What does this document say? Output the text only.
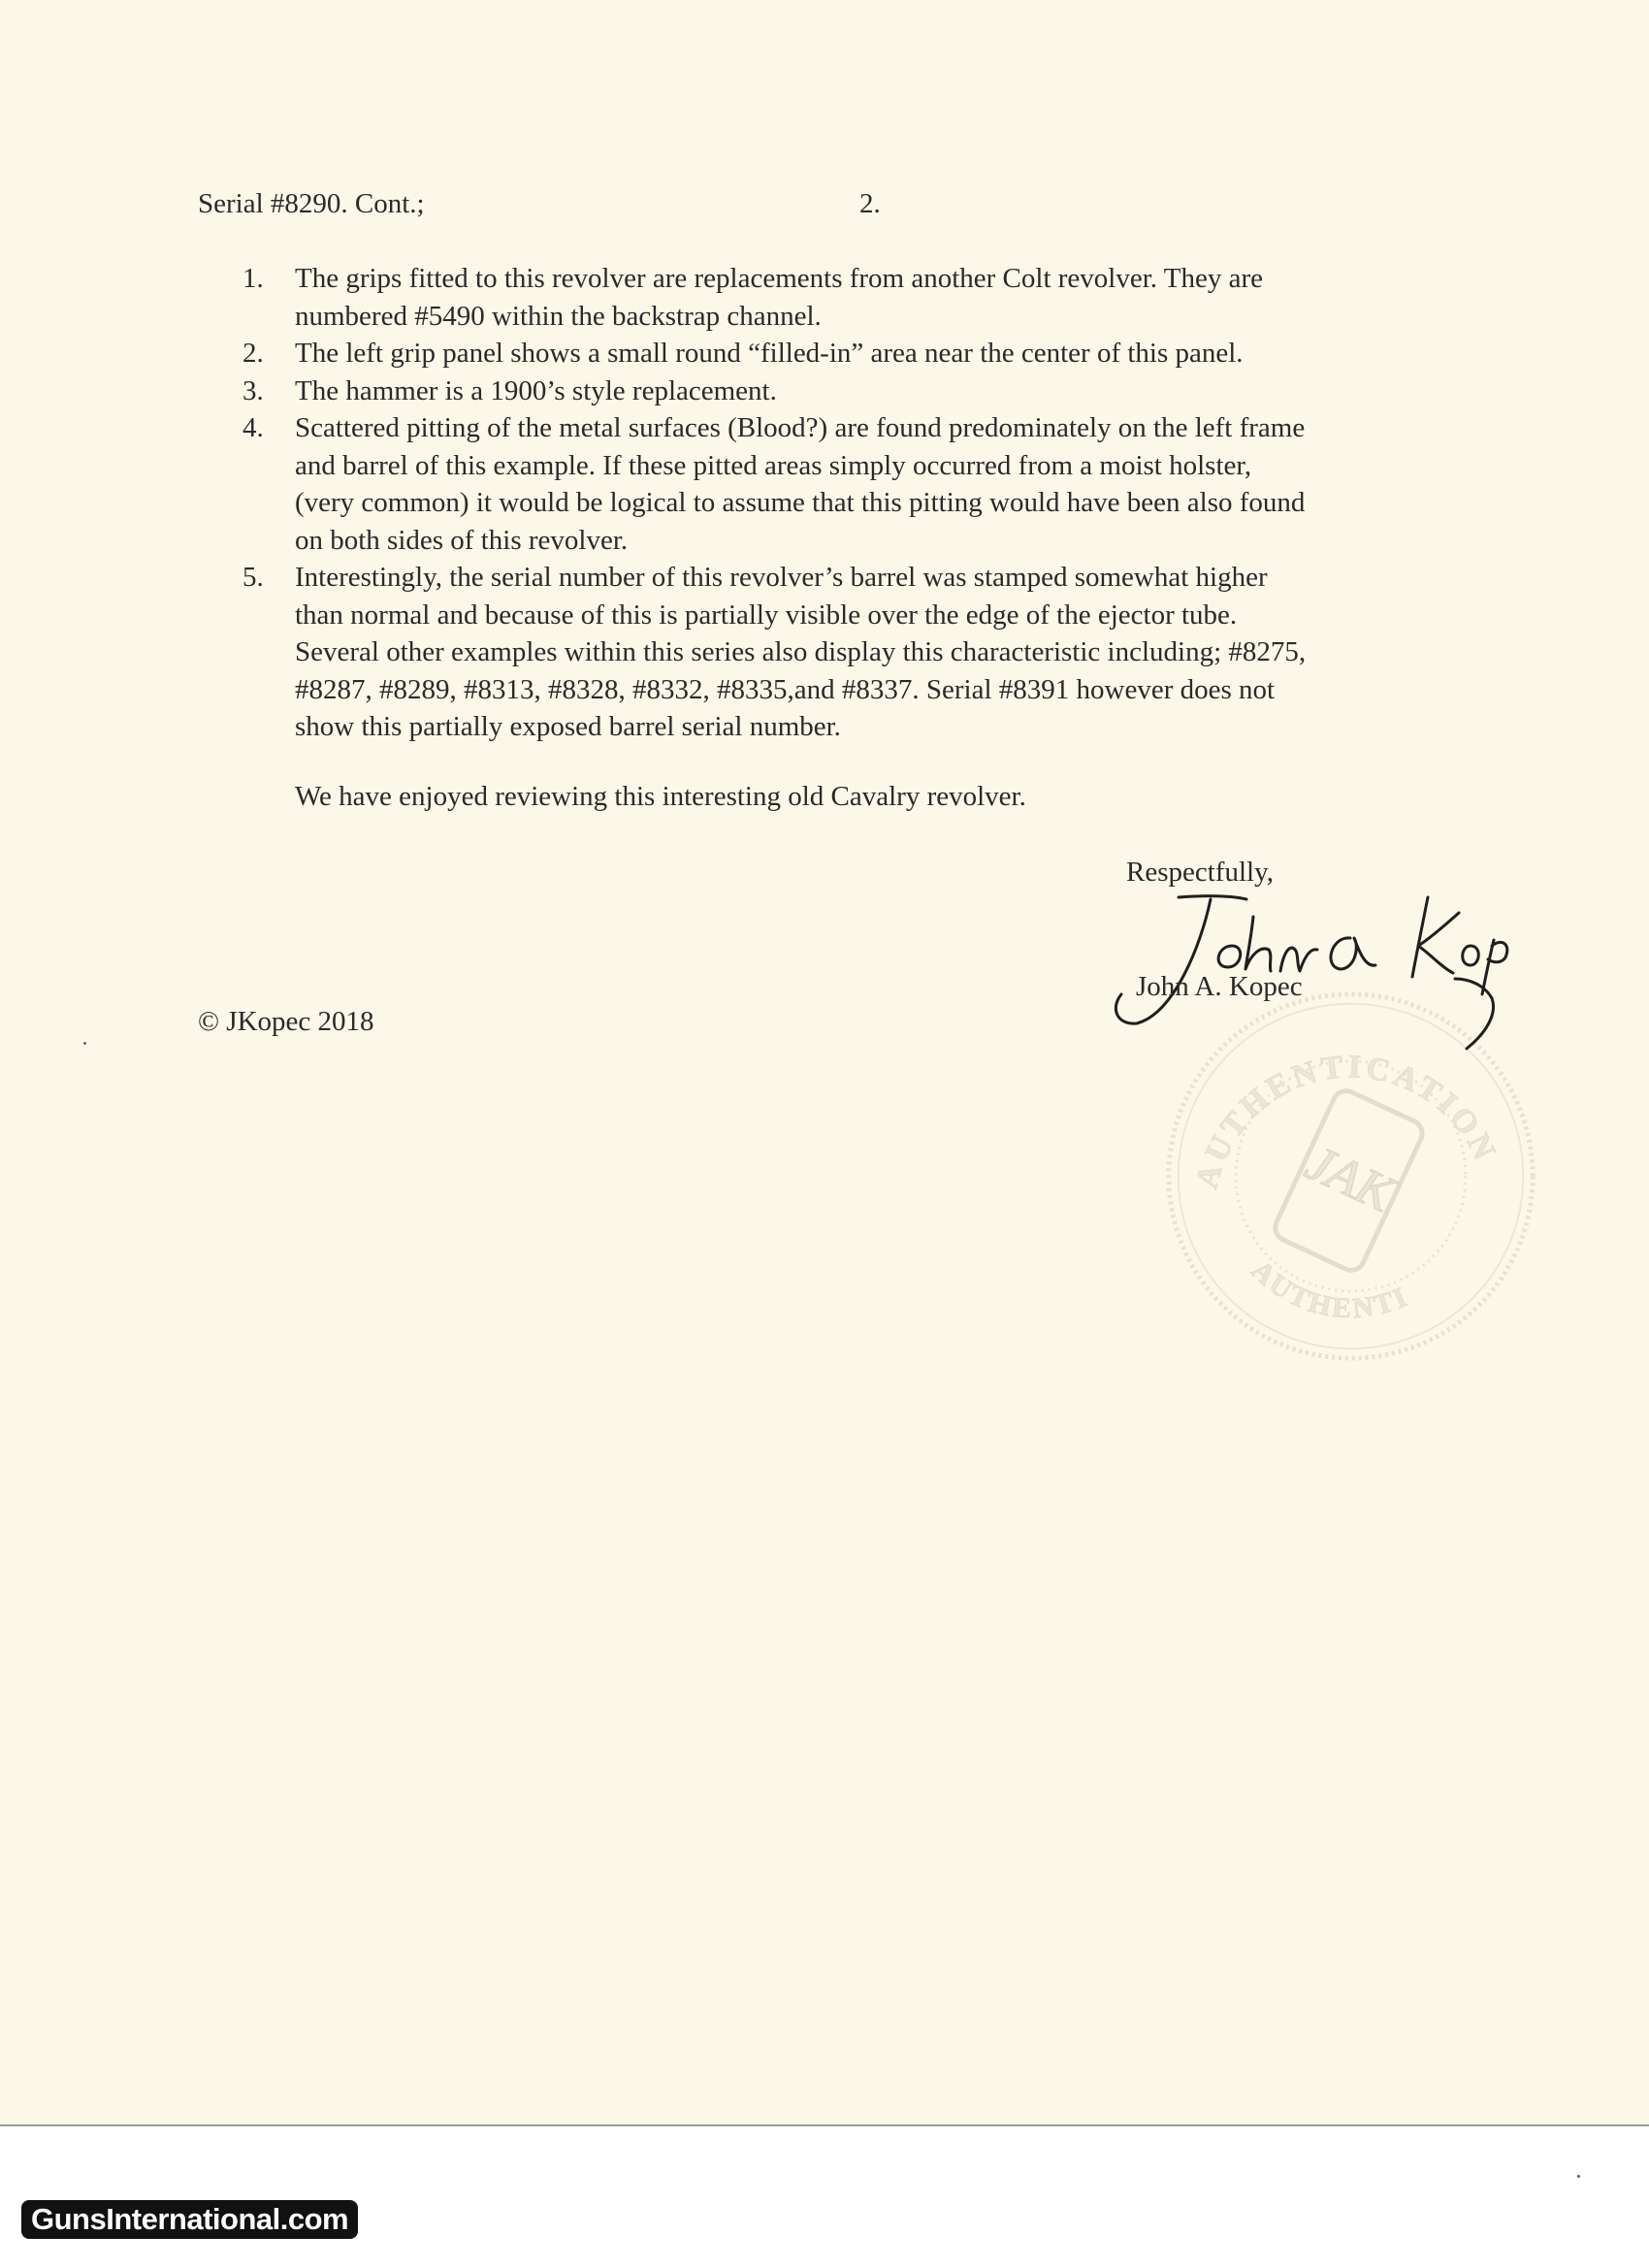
Serial #8290. Cont.;	2.
1. The grips fitted to this revolver are replacements from another Colt revolver. They are
numbered #5490 within the backstrap channel.
2. The left grip panel shows a small round “filled-in” area near the center of this panel.
3. The hammer is a 1900’s style replacement.
4. Scattered pitting of the metal surfaces (Blood?) are found predominately on the left frame
and barrel of this example. If these pitted areas simply occurred from a moist holster,
(very common) it would be logical to assume that this pitting would have been also found
on both sides of this revolver.
5. Interestingly, the serial number of this revolver’s barrel was stamped somewhat higher
than normal and because of this is partially visible over the edge of the ejector tube.
Several other examples within this series also display this characteristic including; #8275,
#8287, #8289, #8313, #8328, #8332, #8335,and #8337. Serial #8391 however does not
show this partially exposed barrel serial number.
We have enjoyed reviewing this interesting old Cavalry revolver.
Respectfully,
AUTHENTICATION
AUTHENTI
JAK
John A Kopec
John A. Kopec
© JKopec 2018
GunsInternational.com
